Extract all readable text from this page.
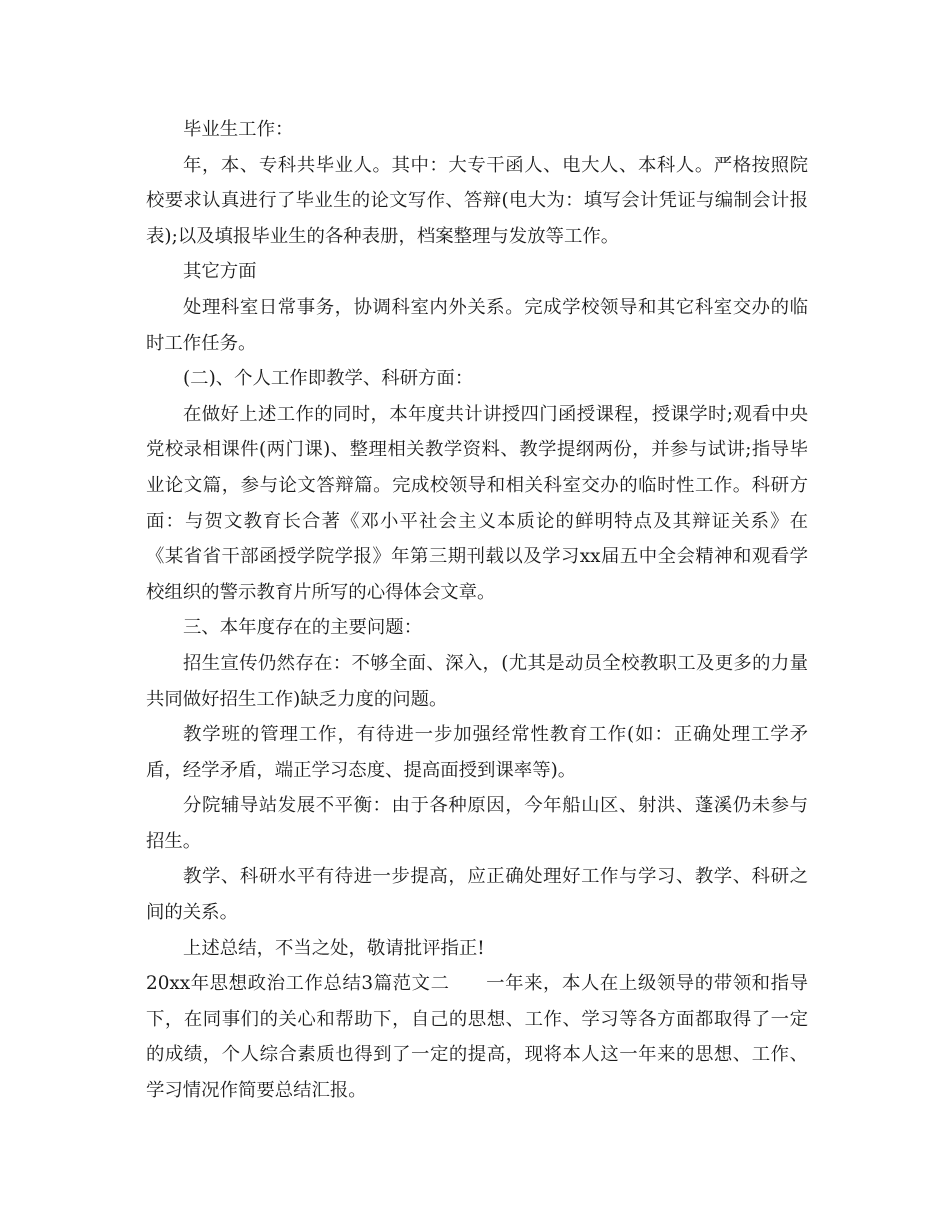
毕业生工作：

年，本、专科共毕业人。其中：大专干函人、电大人、本科人。严格按照院校要求认真进行了毕业生的论文写作、答辩(电大为：填写会计凭证与编制会计报表);以及填报毕业生的各种表册，档案整理与发放等工作。

其它方面

处理科室日常事务，协调科室内外关系。完成学校领导和其它科室交办的临时工作任务。

(二)、个人工作即教学、科研方面：

在做好上述工作的同时，本年度共计讲授四门函授课程，授课学时;观看中央党校录相课件(两门课)、整理相关教学资料、教学提纲两份，并参与试讲;指导毕业论文篇，参与论文答辩篇。完成校领导和相关科室交办的临时性工作。科研方面：与贺文教育长合著《邓小平社会主义本质论的鲜明特点及其辩证关系》在《某省省干部函授学院学报》年第三期刊载以及学习xx届五中全会精神和观看学校组织的警示教育片所写的心得体会文章。

三、本年度存在的主要问题：

招生宣传仍然存在：不够全面、深入，(尤其是动员全校教职工及更多的力量共同做好招生工作)缺乏力度的问题。

教学班的管理工作，有待进一步加强经常性教育工作(如：正确处理工学矛盾，经学矛盾，端正学习态度、提高面授到课率等)。

分院辅导站发展不平衡：由于各种原因，今年船山区、射洪、蓬溪仍未参与招生。

教学、科研水平有待进一步提高，应正确处理好工作与学习、教学、科研之间的关系。

上述总结，不当之处，敬请批评指正!

20xx年思想政治工作总结3篇范文二 一年来，本人在上级领导的带领和指导下，在同事们的关心和帮助下，自己的思想、工作、学习等各方面都取得了一定的成绩，个人综合素质也得到了一定的提高，现将本人这一年来的思想、工作、学习情况作简要总结汇报。
